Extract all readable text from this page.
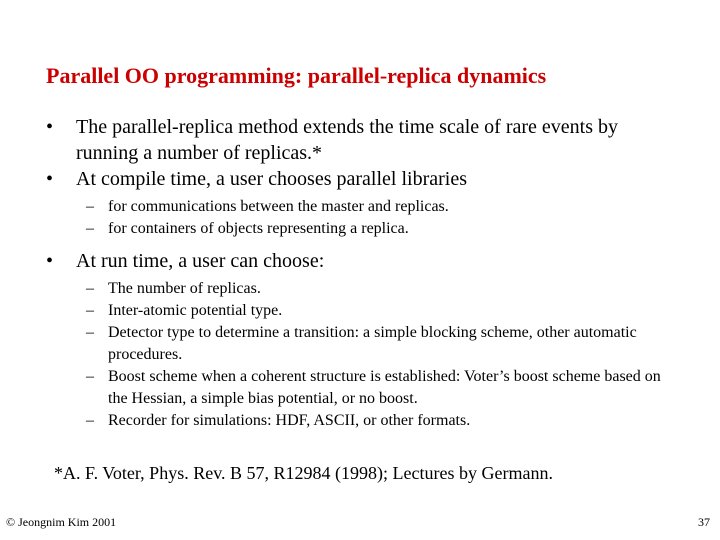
Parallel OO programming: parallel-replica dynamics
•	The parallel-replica method extends the time scale of rare events by running a number of replicas.*
•	At compile time, a user chooses parallel libraries
– for communications between the master and replicas.
– for containers of objects representing a replica.
•	At run time, a user can choose:
– The number of replicas.
– Inter-atomic potential type.
– Detector type to determine a transition: a simple blocking scheme, other automatic procedures.
– Boost scheme when a coherent structure is established: Voter’s boost scheme based on the Hessian, a simple bias potential, or no boost.
– Recorder for simulations: HDF, ASCII, or other formats.
*A. F. Voter, Phys. Rev. B 57, R12984 (1998); Lectures by Germann.
© Jeongnim Kim 2001	37
